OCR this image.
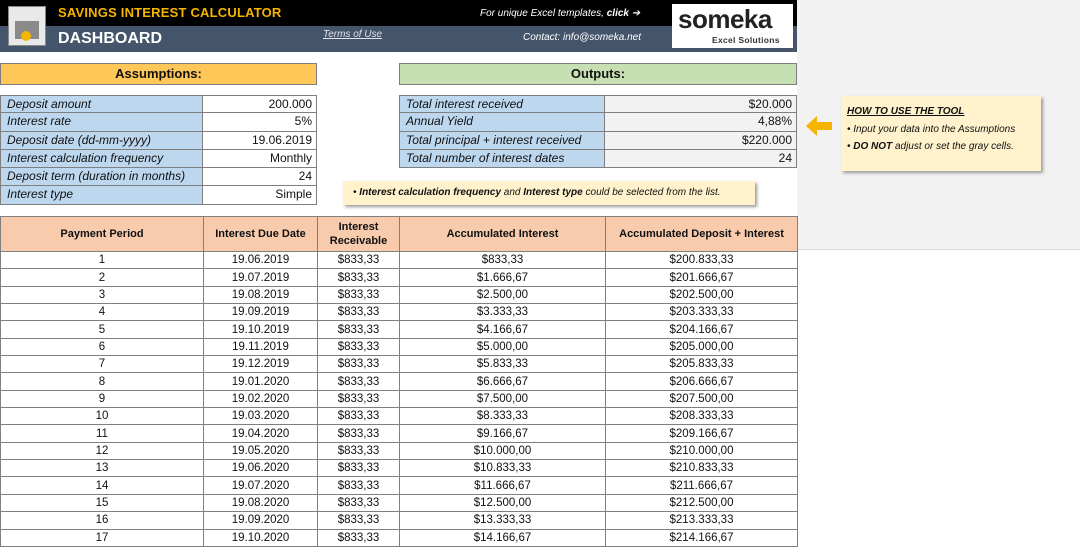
SAVINGS INTEREST CALCULATOR
DASHBOARD	Terms of Use
For unique Excel templates, click ➔
Contact: info@someka.net
someka
Excel Solutions
Assumptions:	Outputs:
Deposit amount	200.000
Interest rate	5%
Deposit date (dd-mm-yyyy)	19.06.2019
Interest calculation frequency	Monthly
Deposit term (duration in months)	24
Interest type	Simple
Total interest received	$20.000
Annual Yield	4,88%
Total principal + interest received	$220.000
Total number of interest dates	24
• Interest calculation frequency and Interest type could be selected from the list.
HOW TO USE THE TOOL
• Input your data into the Assumptions
• DO NOT adjust or set the gray cells.
Payment Period	Interest Due Date	Interest Receivable	Accumulated Interest	Accumulated Deposit + Interest
1	19.06.2019	$833,33	$833,33	$200.833,33
2	19.07.2019	$833,33	$1.666,67	$201.666,67
3	19.08.2019	$833,33	$2.500,00	$202.500,00
4	19.09.2019	$833,33	$3.333,33	$203.333,33
5	19.10.2019	$833,33	$4.166,67	$204.166,67
6	19.11.2019	$833,33	$5.000,00	$205.000,00
7	19.12.2019	$833,33	$5.833,33	$205.833,33
8	19.01.2020	$833,33	$6.666,67	$206.666,67
9	19.02.2020	$833,33	$7.500,00	$207.500,00
10	19.03.2020	$833,33	$8.333,33	$208.333,33
11	19.04.2020	$833,33	$9.166,67	$209.166,67
12	19.05.2020	$833,33	$10.000,00	$210.000,00
13	19.06.2020	$833,33	$10.833,33	$210.833,33
14	19.07.2020	$833,33	$11.666,67	$211.666,67
15	19.08.2020	$833,33	$12.500,00	$212.500,00
16	19.09.2020	$833,33	$13.333,33	$213.333,33
17	19.10.2020	$833,33	$14.166,67	$214.166,67
